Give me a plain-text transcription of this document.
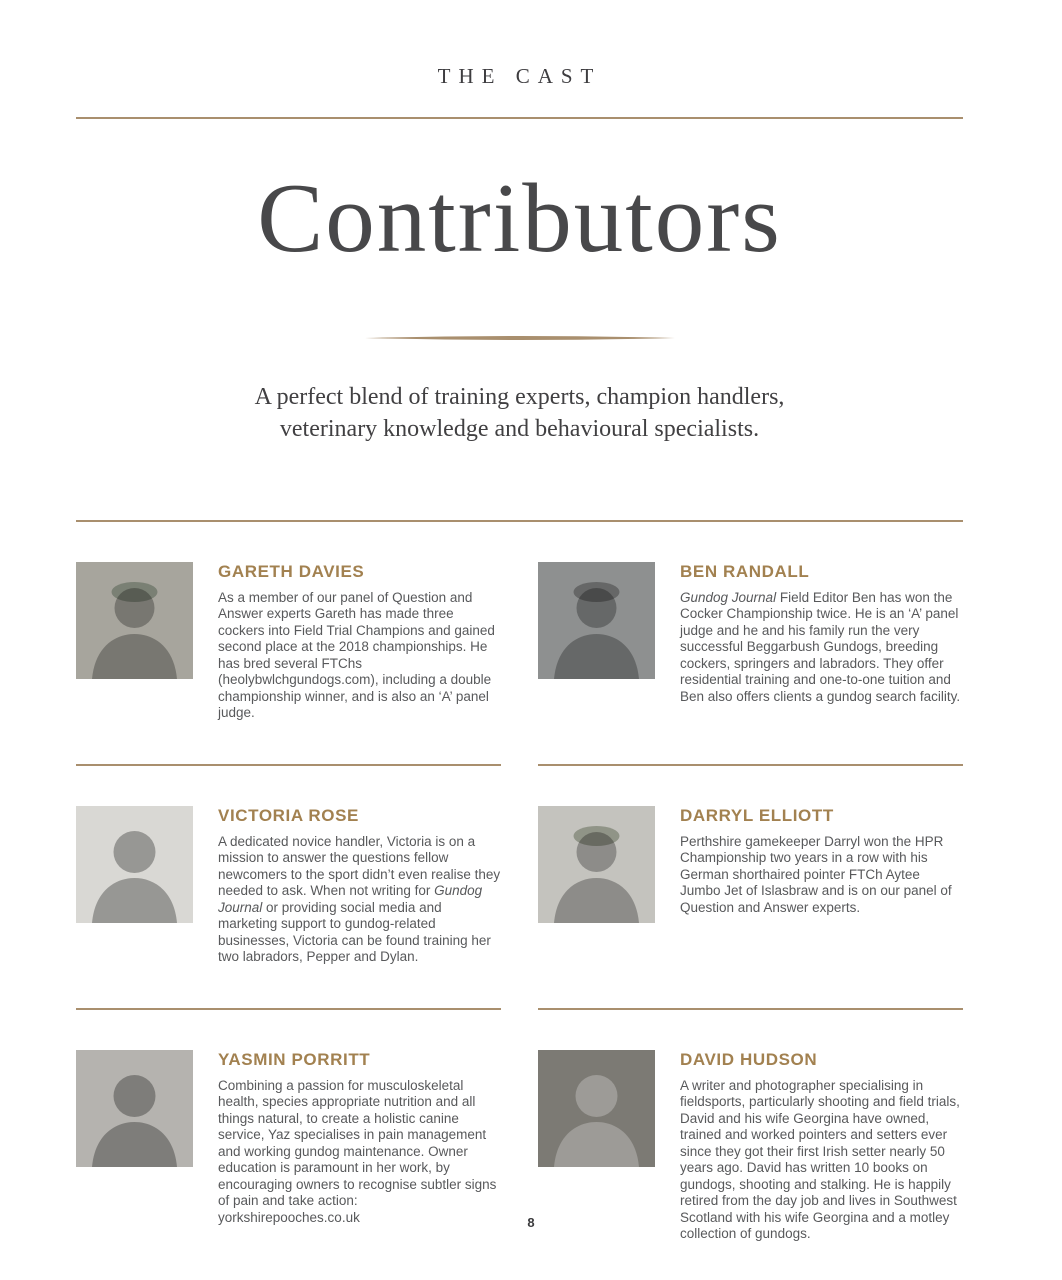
THE CAST
Contributors
A perfect blend of training experts, champion handlers,
veterinary knowledge and behavioural specialists.
GARETH DAVIES

As a member of our panel of Question and Answer experts Gareth has made three cockers into Field Trial Champions and gained second place at the 2018 championships. He has bred several FTChs (heolybwlchgundogs.com), including a double championship winner, and is also an ‘A’ panel judge.

BEN RANDALL

Gundog Journal Field Editor Ben has won the Cocker Championship twice. He is an ‘A’ panel judge and he and his family run the very successful Beggarbush Gundogs, breeding cockers, springers and labradors. They offer residential training and one-to-one tuition and Ben also offers clients a gundog search facility.

VICTORIA ROSE

A dedicated novice handler, Victoria is on a mission to answer the questions fellow newcomers to the sport didn’t even realise they needed to ask. When not writing for Gundog Journal or providing social media and marketing support to gundog-related businesses, Victoria can be found training her two labradors, Pepper and Dylan.

DARRYL ELLIOTT

Perthshire gamekeeper Darryl won the HPR Championship two years in a row with his German shorthaired pointer FTCh Aytee Jumbo Jet of Islasbraw and is on our panel of Question and Answer experts.

YASMIN PORRITT

Combining a passion for musculoskeletal health, species appropriate nutrition and all things natural, to create a holistic canine service, Yaz specialises in pain management and working gundog maintenance. Owner education is paramount in her work, by encouraging owners to recognise subtler signs of pain and take action: yorkshirepooches.co.uk

DAVID HUDSON

A writer and photographer specialising in fieldsports, particularly shooting and field trials, David and his wife Georgina have owned, trained and worked pointers and setters ever since they got their first Irish setter nearly 50 years ago. David has written 10 books on gundogs, shooting and stalking. He is happily retired from the day job and lives in Southwest Scotland with his wife Georgina and a motley collection of gundogs.

8
